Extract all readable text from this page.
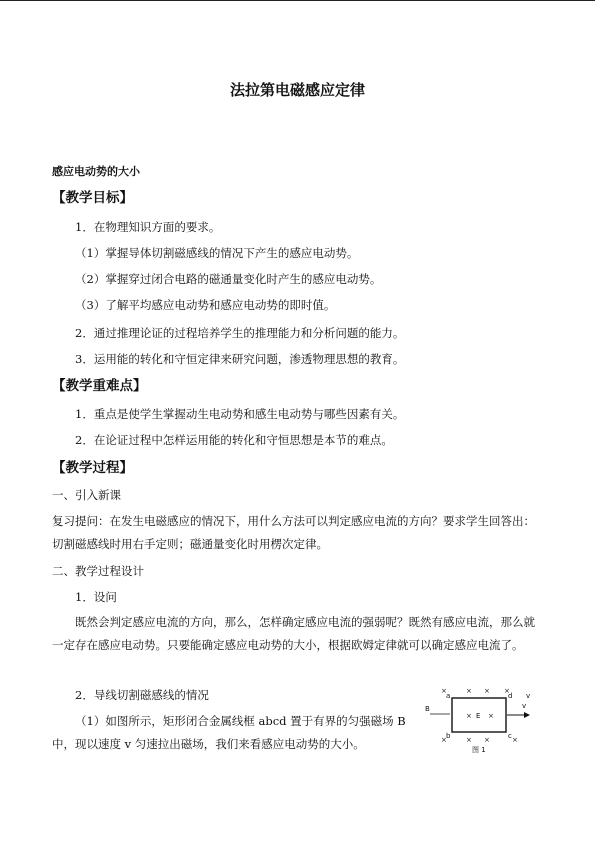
法拉第电磁感应定律
感应电动势的大小
【教学目标】
1．在物理知识方面的要求。
（1）掌握导体切割磁感线的情况下产生的感应电动势。
（2）掌握穿过闭合电路的磁通量变化时产生的感应电动势。
（3）了解平均感应电动势和感应电动势的即时值。
2．通过推理论证的过程培养学生的推理能力和分析问题的能力。
3．运用能的转化和守恒定律来研究问题，渗透物理思想的教育。
【教学重难点】
1．重点是使学生掌握动生电动势和感生电动势与哪些因素有关。
2．在论证过程中怎样运用能的转化和守恒思想是本节的难点。
【教学过程】
一、引入新课
复习提问：在发生电磁感应的情况下，用什么方法可以判定感应电流的方向？要求学生回答出：切割磁感线时用右手定则；磁通量变化时用楞次定律。
二、教学过程设计
1．设问
既然会判定感应电流的方向，那么，怎样确定感应电流的强弱呢？既然有感应电流，那么就一定存在感应电动势。只要能确定感应电动势的大小，根据欧姆定律就可以确定感应电流了。
2．导线切割磁感线的情况
（1）如图所示，矩形闭合金属线框 abcd 置于有界的匀强磁场 B 中，现以速度 v 匀速拉出磁场，我们来看感应电动势的大小。
×	× × ×
× ×
×	× ×	×
B
a	d
b	c
E
v
v
图 1
